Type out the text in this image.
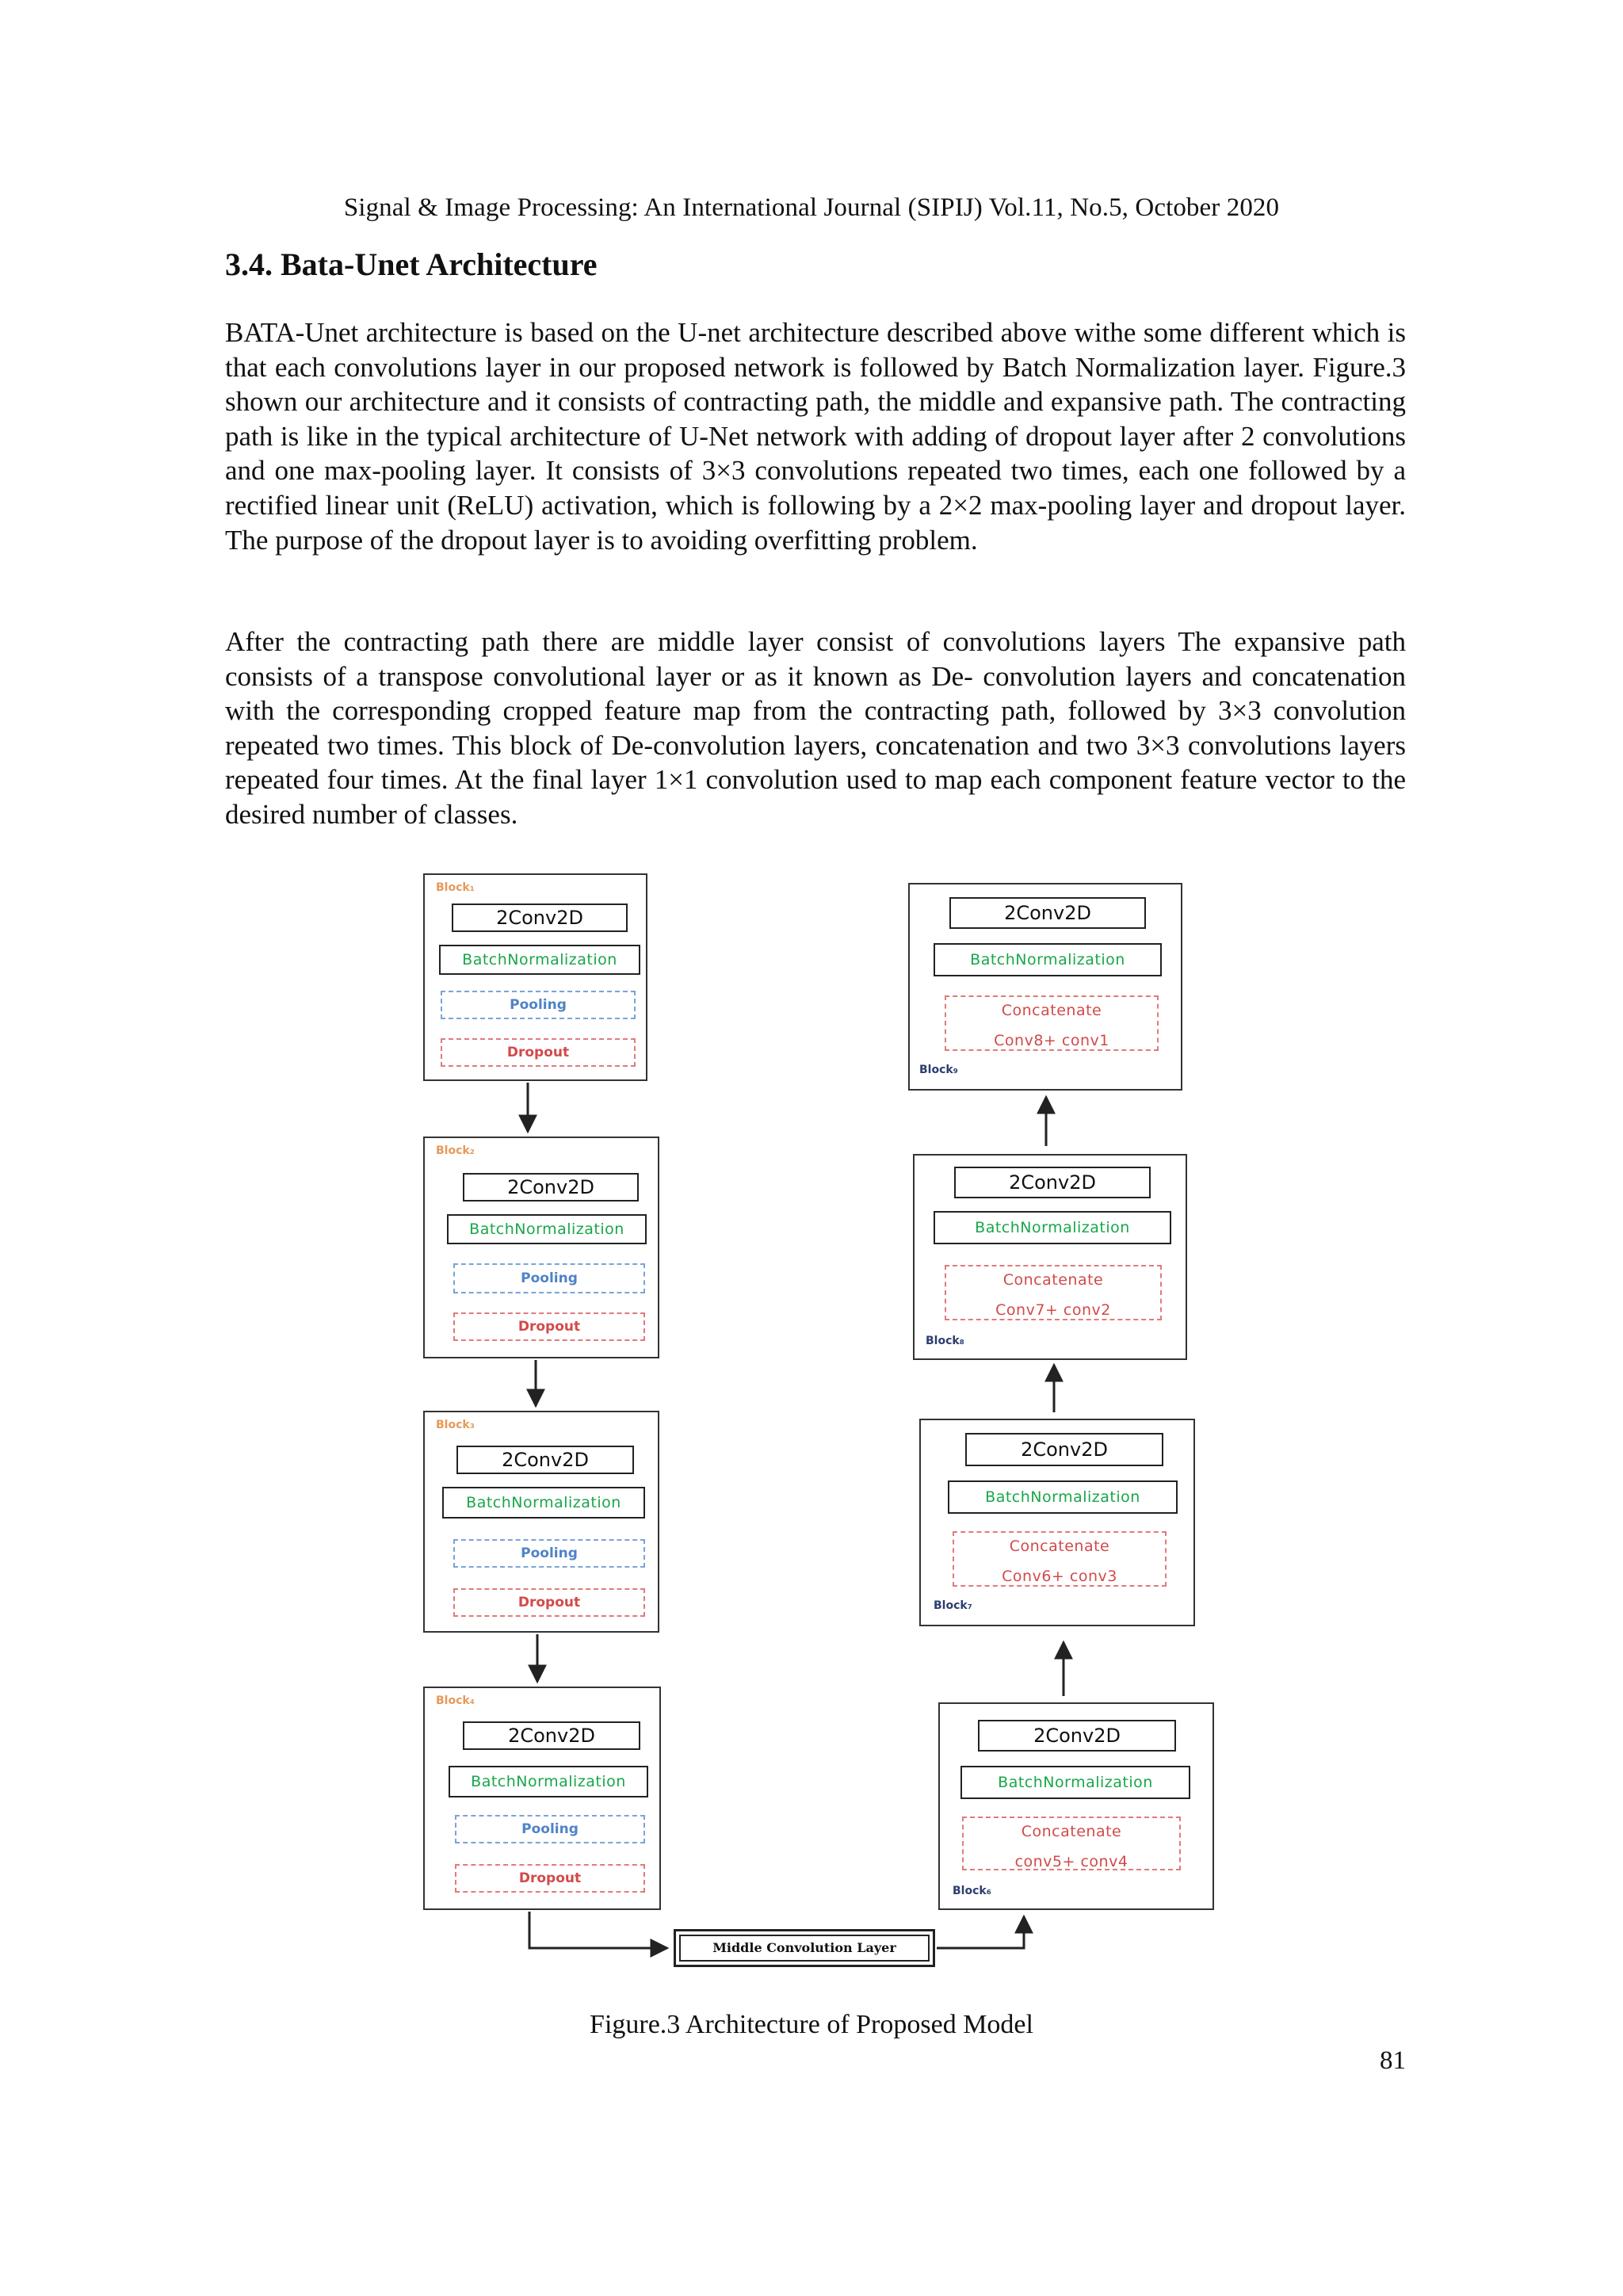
Signal & Image Processing: An International Journal (SIPIJ) Vol.11, No.5, October 2020
3.4. Bata-Unet Architecture
BATA-Unet architecture is based on the U-net architecture described above withe some different which is that each convolutions layer in our proposed network is followed by Batch Normalization layer. Figure.3 shown our architecture and it consists of contracting path, the middle and expansive path. The contracting path is like in the typical architecture of U-Net network with adding of dropout layer after 2 convolutions and one max-pooling layer. It consists of 3×3 convolutions repeated two times, each one followed by a rectified linear unit (ReLU) activation, which is following by a 2×2 max-pooling layer and dropout layer. The purpose of the dropout layer is to avoiding overfitting problem.
After the contracting path there are middle layer consist of convolutions layers The expansive path consists of a transpose convolutional layer or as it known as De- convolution layers and concatenation with the corresponding cropped feature map from the contracting path, followed by 3×3 convolution repeated two times. This block of De-convolution layers, concatenation and two 3×3 convolutions layers repeated four times. At the final layer 1×1 convolution used to map each component feature vector to the desired number of classes.
Block₁
2Conv2D
BatchNormalization
Pooling
Dropout
Block₂
2Conv2D
BatchNormalization
Pooling
Dropout
Block₃
2Conv2D
BatchNormalization
Pooling
Dropout
Block₄
2Conv2D
BatchNormalization
Pooling
Dropout
2Conv2D
BatchNormalization
Concatenate
Conv8+ conv1
Block₉
2Conv2D
BatchNormalization
Concatenate
Conv7+ conv2
Block₈
2Conv2D
BatchNormalization
Concatenate
Conv6+ conv3
Block₇
2Conv2D
BatchNormalization
Concatenate
conv5+ conv4
Block₆
Middle Convolution Layer
Figure.3 Architecture of Proposed Model
81
